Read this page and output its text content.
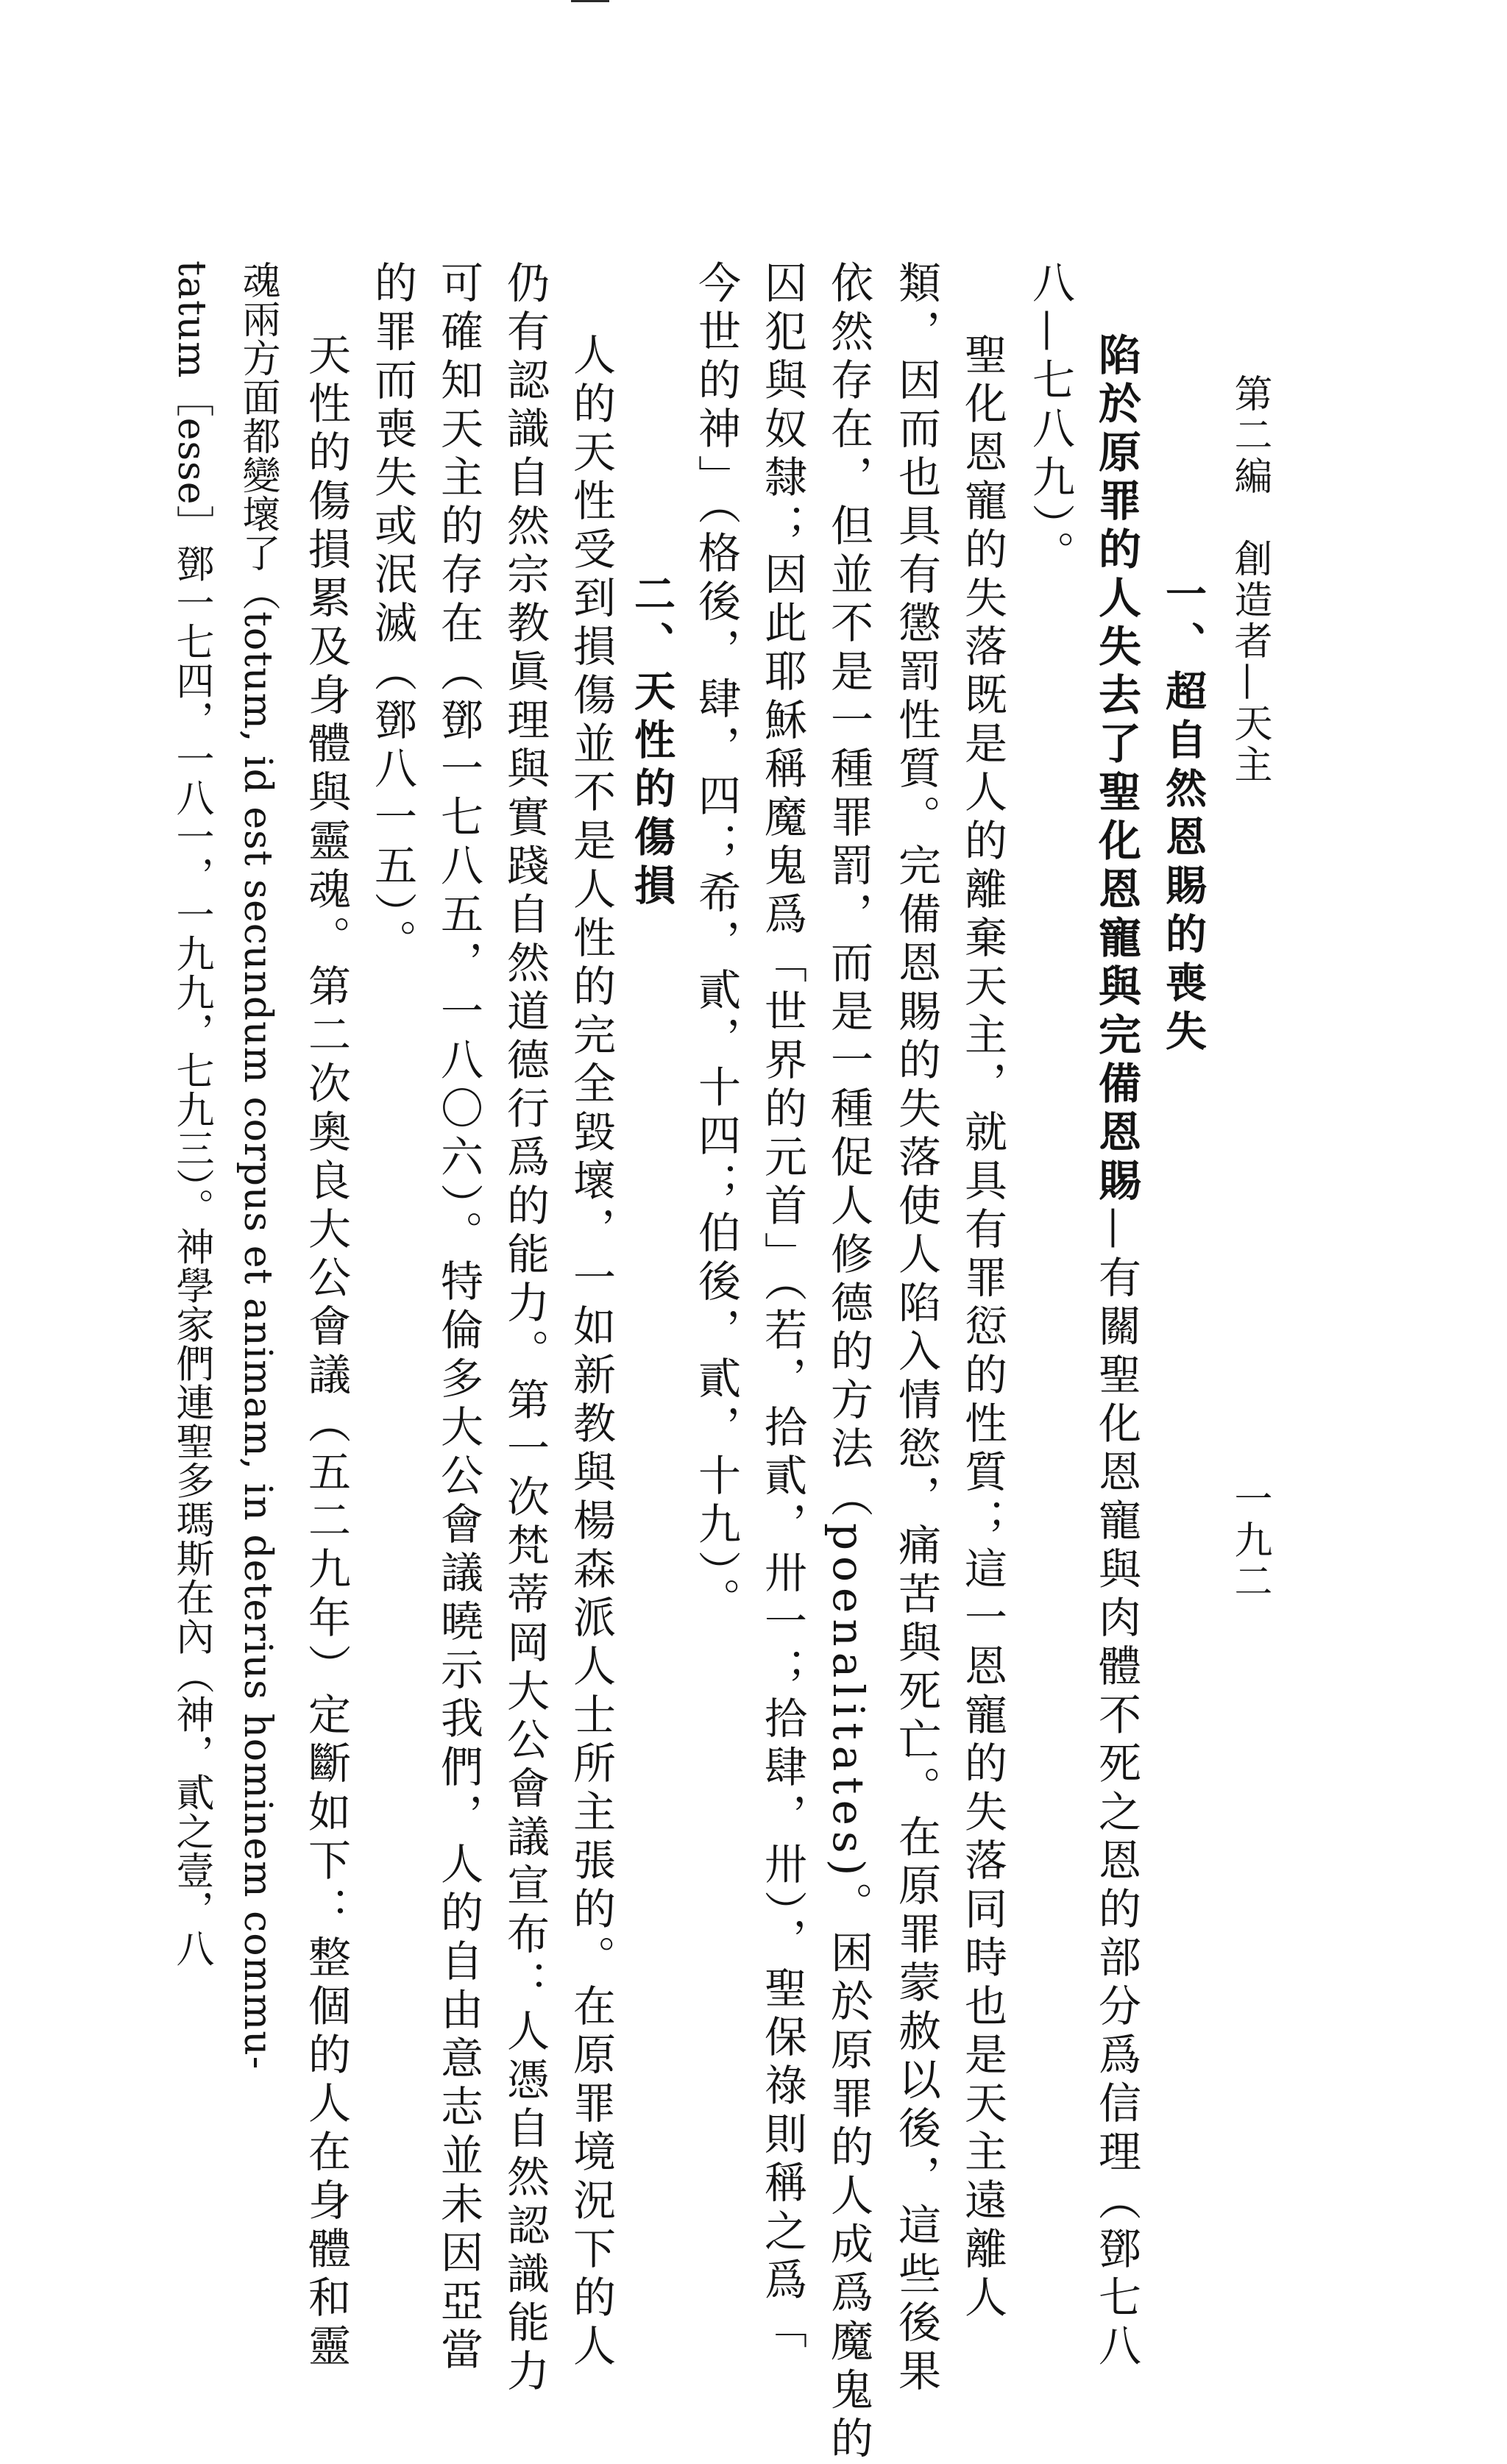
第二編　創造者—天主
一九二
一、超自然恩賜的喪失
陷於原罪的人失去了聖化恩寵與完備恩賜—有關聖化恩寵與肉體不死之恩的部分爲信理（鄧七八
八—七八九）。
聖化恩寵的失落既是人的離棄天主，就具有罪愆的性質；這一恩寵的失落同時也是天主遠離人
類，因而也具有懲罰性質。完備恩賜的失落使人陷入情慾，痛苦與死亡。在原罪蒙赦以後，這些後果
依然存在，但並不是一種罪罰，而是一種促人修德的方法（poenalitates)。困於原罪的人成爲魔鬼的
囚犯與奴隸；因此耶穌稱魔鬼爲「世界的元首」（若，拾貳，卅一；拾肆，卅），聖保祿則稱之爲「
今世的神」（格後，肆，四；希，貳，十四；伯後，貳，十九）。
二、天性的傷損
人的天性受到損傷並不是人性的完全毀壞，一如新教與楊森派人士所主張的。在原罪境況下的人
仍有認識自然宗教眞理與實踐自然道德行爲的能力。第一次梵蒂岡大公會議宣布：人憑自然認識能力
可確知天主的存在（鄧一七八五，一八〇六）。特倫多大公會議曉示我們，人的自由意志並未因亞當
的罪而喪失或泯滅（鄧八一五）。
天性的傷損累及身體與靈魂。第二次奧良大公會議（五二九年）定斷如下：整個的人在身體和靈
魂兩方面都變壞了（totum, id est secundum corpus et animam, in deterius hominem commu-
tatum［esse］鄧一七四，一八一，一九九，七九三）。神學家們連聖多瑪斯在內（神，貳之壹，八
